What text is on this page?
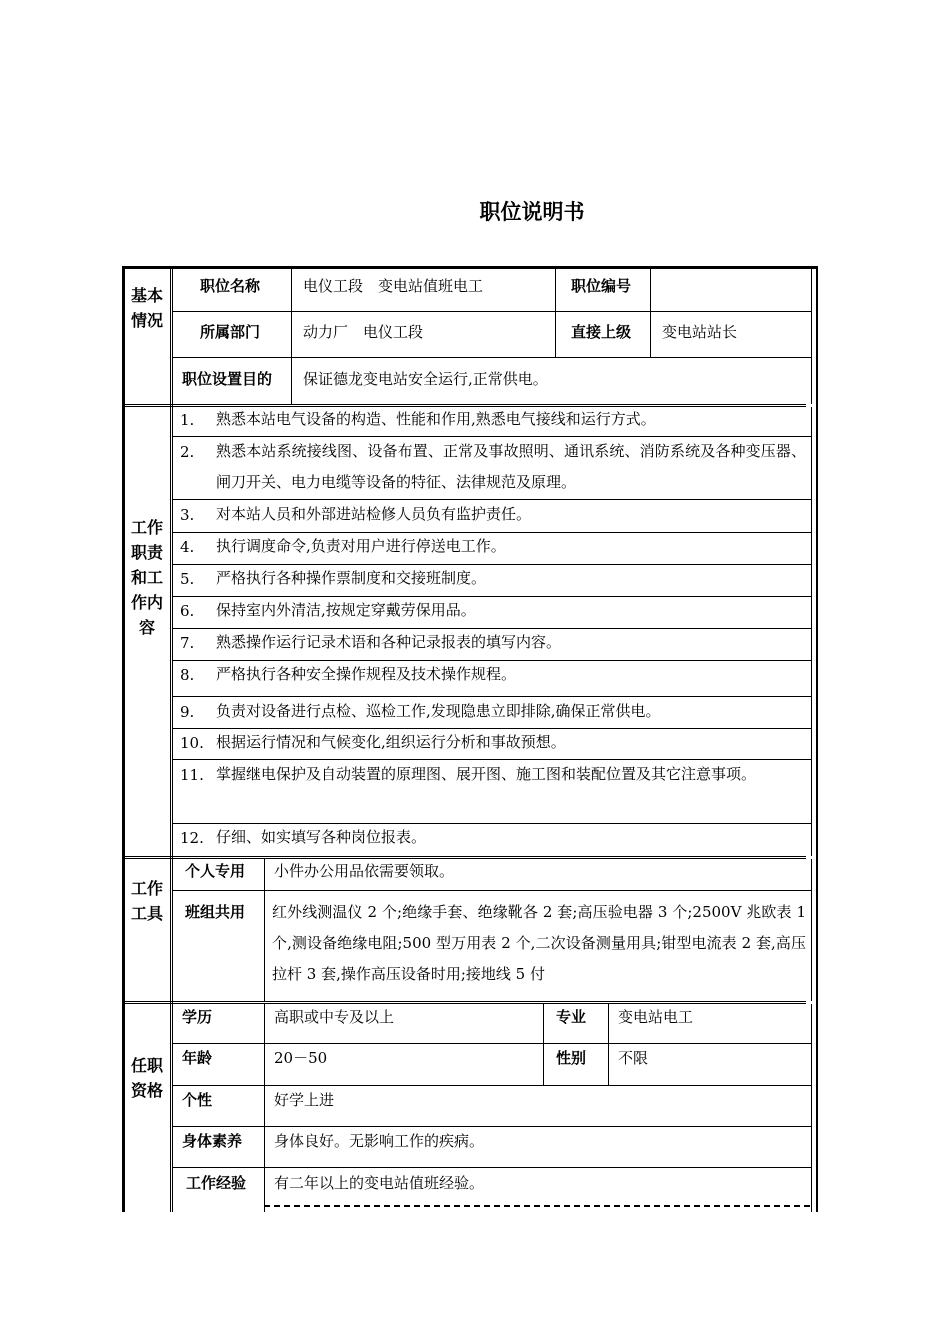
职位说明书
基本情况
职位名称	电仪工段　变电站值班电工	职位编号
所属部门	动力厂　电仪工段	直接上级 变电站站长
职位设置目的 保证德龙变电站安全运行,正常供电。
工作职责和工作内容
1. 熟悉本站电气设备的构造、性能和作用,熟悉电气接线和运行方式。
2. 熟悉本站系统接线图、设备布置、正常及事故照明、通讯系统、消防系统及各种变压器、闸刀开关、电力电缆等设备的特征、法律规范及原理。
3. 对本站人员和外部进站检修人员负有监护责任。
4. 执行调度命令,负责对用户进行停送电工作。
5. 严格执行各种操作票制度和交接班制度。
6. 保持室内外清洁,按规定穿戴劳保用品。
7. 熟悉操作运行记录术语和各种记录报表的填写内容。
8. 严格执行各种安全操作规程及技术操作规程。
9. 负责对设备进行点检、巡检工作,发现隐患立即排除,确保正常供电。
10. 根据运行情况和气候变化,组织运行分析和事故预想。
11. 掌握继电保护及自动装置的原理图、展开图、施工图和装配位置及其它注意事项。
12. 仔细、如实填写各种岗位报表。
工作工具
个人专用 小件办公用品依需要领取。
班组共用 红外线测温仪 2 个;绝缘手套、绝缘靴各 2 套;高压验电器 3 个;2500V 兆欧表 1 个,测设备绝缘电阻;500 型万用表 2 个,二次设备测量用具;钳型电流表 2 套,高压拉杆 3 套,操作高压设备时用;接地线 5 付
任职资格
学历	高职或中专及以上	专业 变电站电工
年龄	20－50	性别 不限
个性	好学上进
身体素养 身体良好。无影响工作的疾病。
工作经验 有二年以上的变电站值班经验。
